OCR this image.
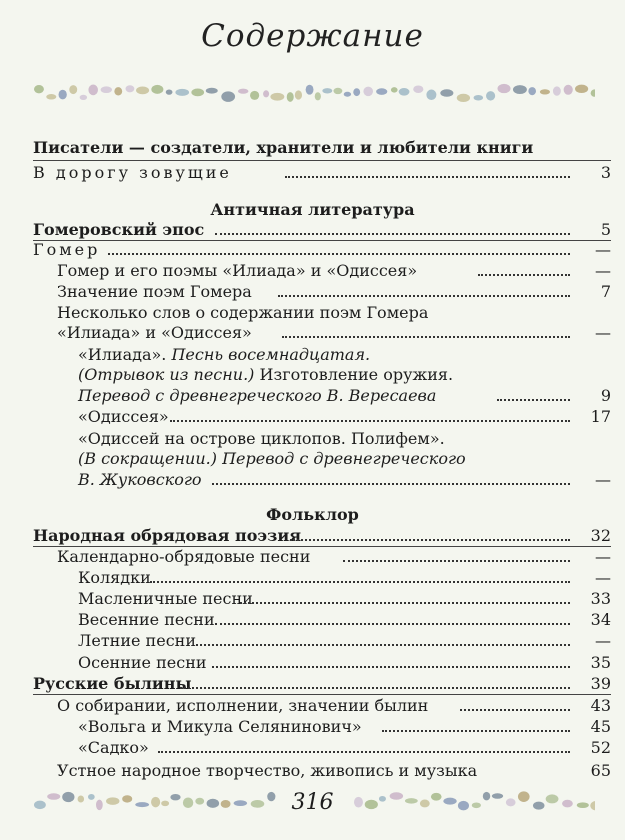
Содержание
Писатели — создатели, хранители и любители книги
В дорогу зовущие	3
Античная литература
Гомеровский эпос	5
Гомер	—
Гомер и его поэмы «Илиада» и «Одиссея»	—
Значение поэм Гомера	7
Несколько слов о содержании поэм Гомера
«Илиада» и «Одиссея»	—
«Илиада». Песнь восемнадцатая.
(Отрывок из песни.) Изготовление оружия.
Перевод с древнегреческого В. Вересаева	9
«Одиссея»	17
«Одиссей на острове циклопов. Полифем».
(В сокращении.) Перевод с древнегреческого
В. Жуковского	—
Фольклор
Народная обрядовая поэзия	32
Календарно-обрядовые песни	—
Колядки	—
Масленичные песни	33
Весенние песни	34
Летние песни	—
Осенние песни	35
Русские былины	39
О собирании, исполнении, значении былин	43
«Вольга и Микула Селянинович»	45
«Садко»	52
Устное народное творчество, живопись и музыка	65
316
